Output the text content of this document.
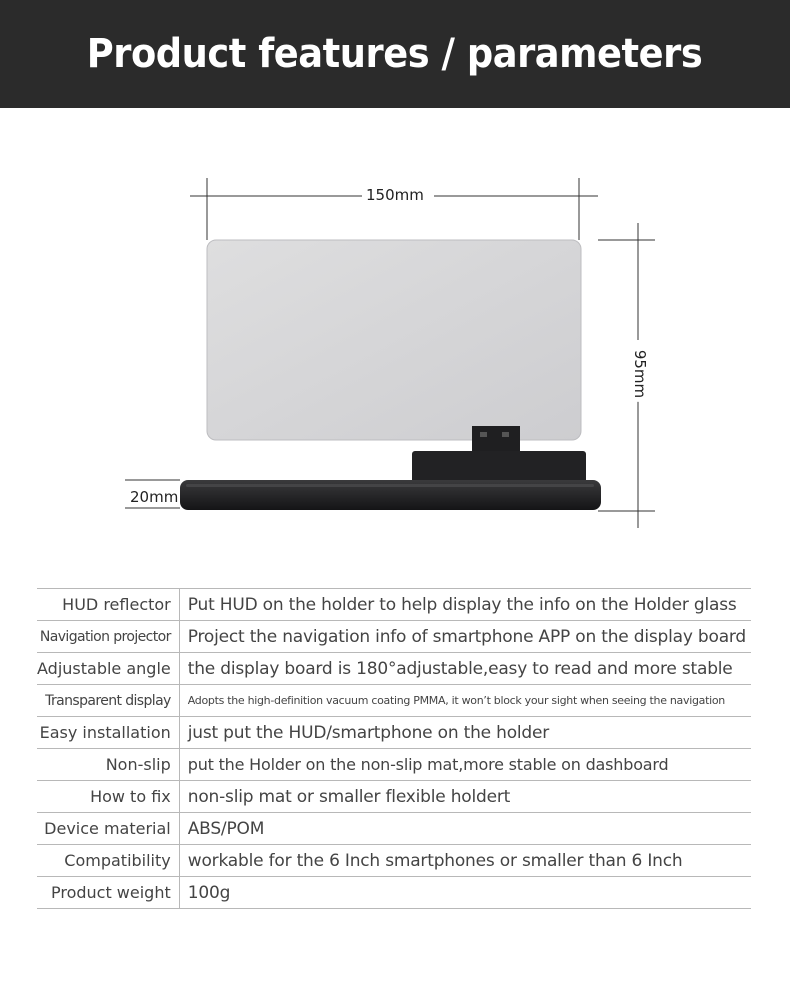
Product features / parameters
150mm
95mm
20mm
HUD reflector	Put HUD on the holder to help display the info on the Holder glass
Navigation projector	Project the navigation info of smartphone APP on the display board
Adjustable angle	the display board is 180°adjustable,easy to read and more stable
Transparent display	Adopts the high-definition vacuum coating PMMA, it won’t block your sight when seeing the navigation
Easy installation	just put the HUD/smartphone on the holder
Non-slip	put the Holder on the non-slip mat,more stable on dashboard
How to fix	non-slip mat or smaller flexible holdert
Device material	ABS/POM
Compatibility	workable for the 6 Inch smartphones or smaller than 6 Inch
Product weight	100g
